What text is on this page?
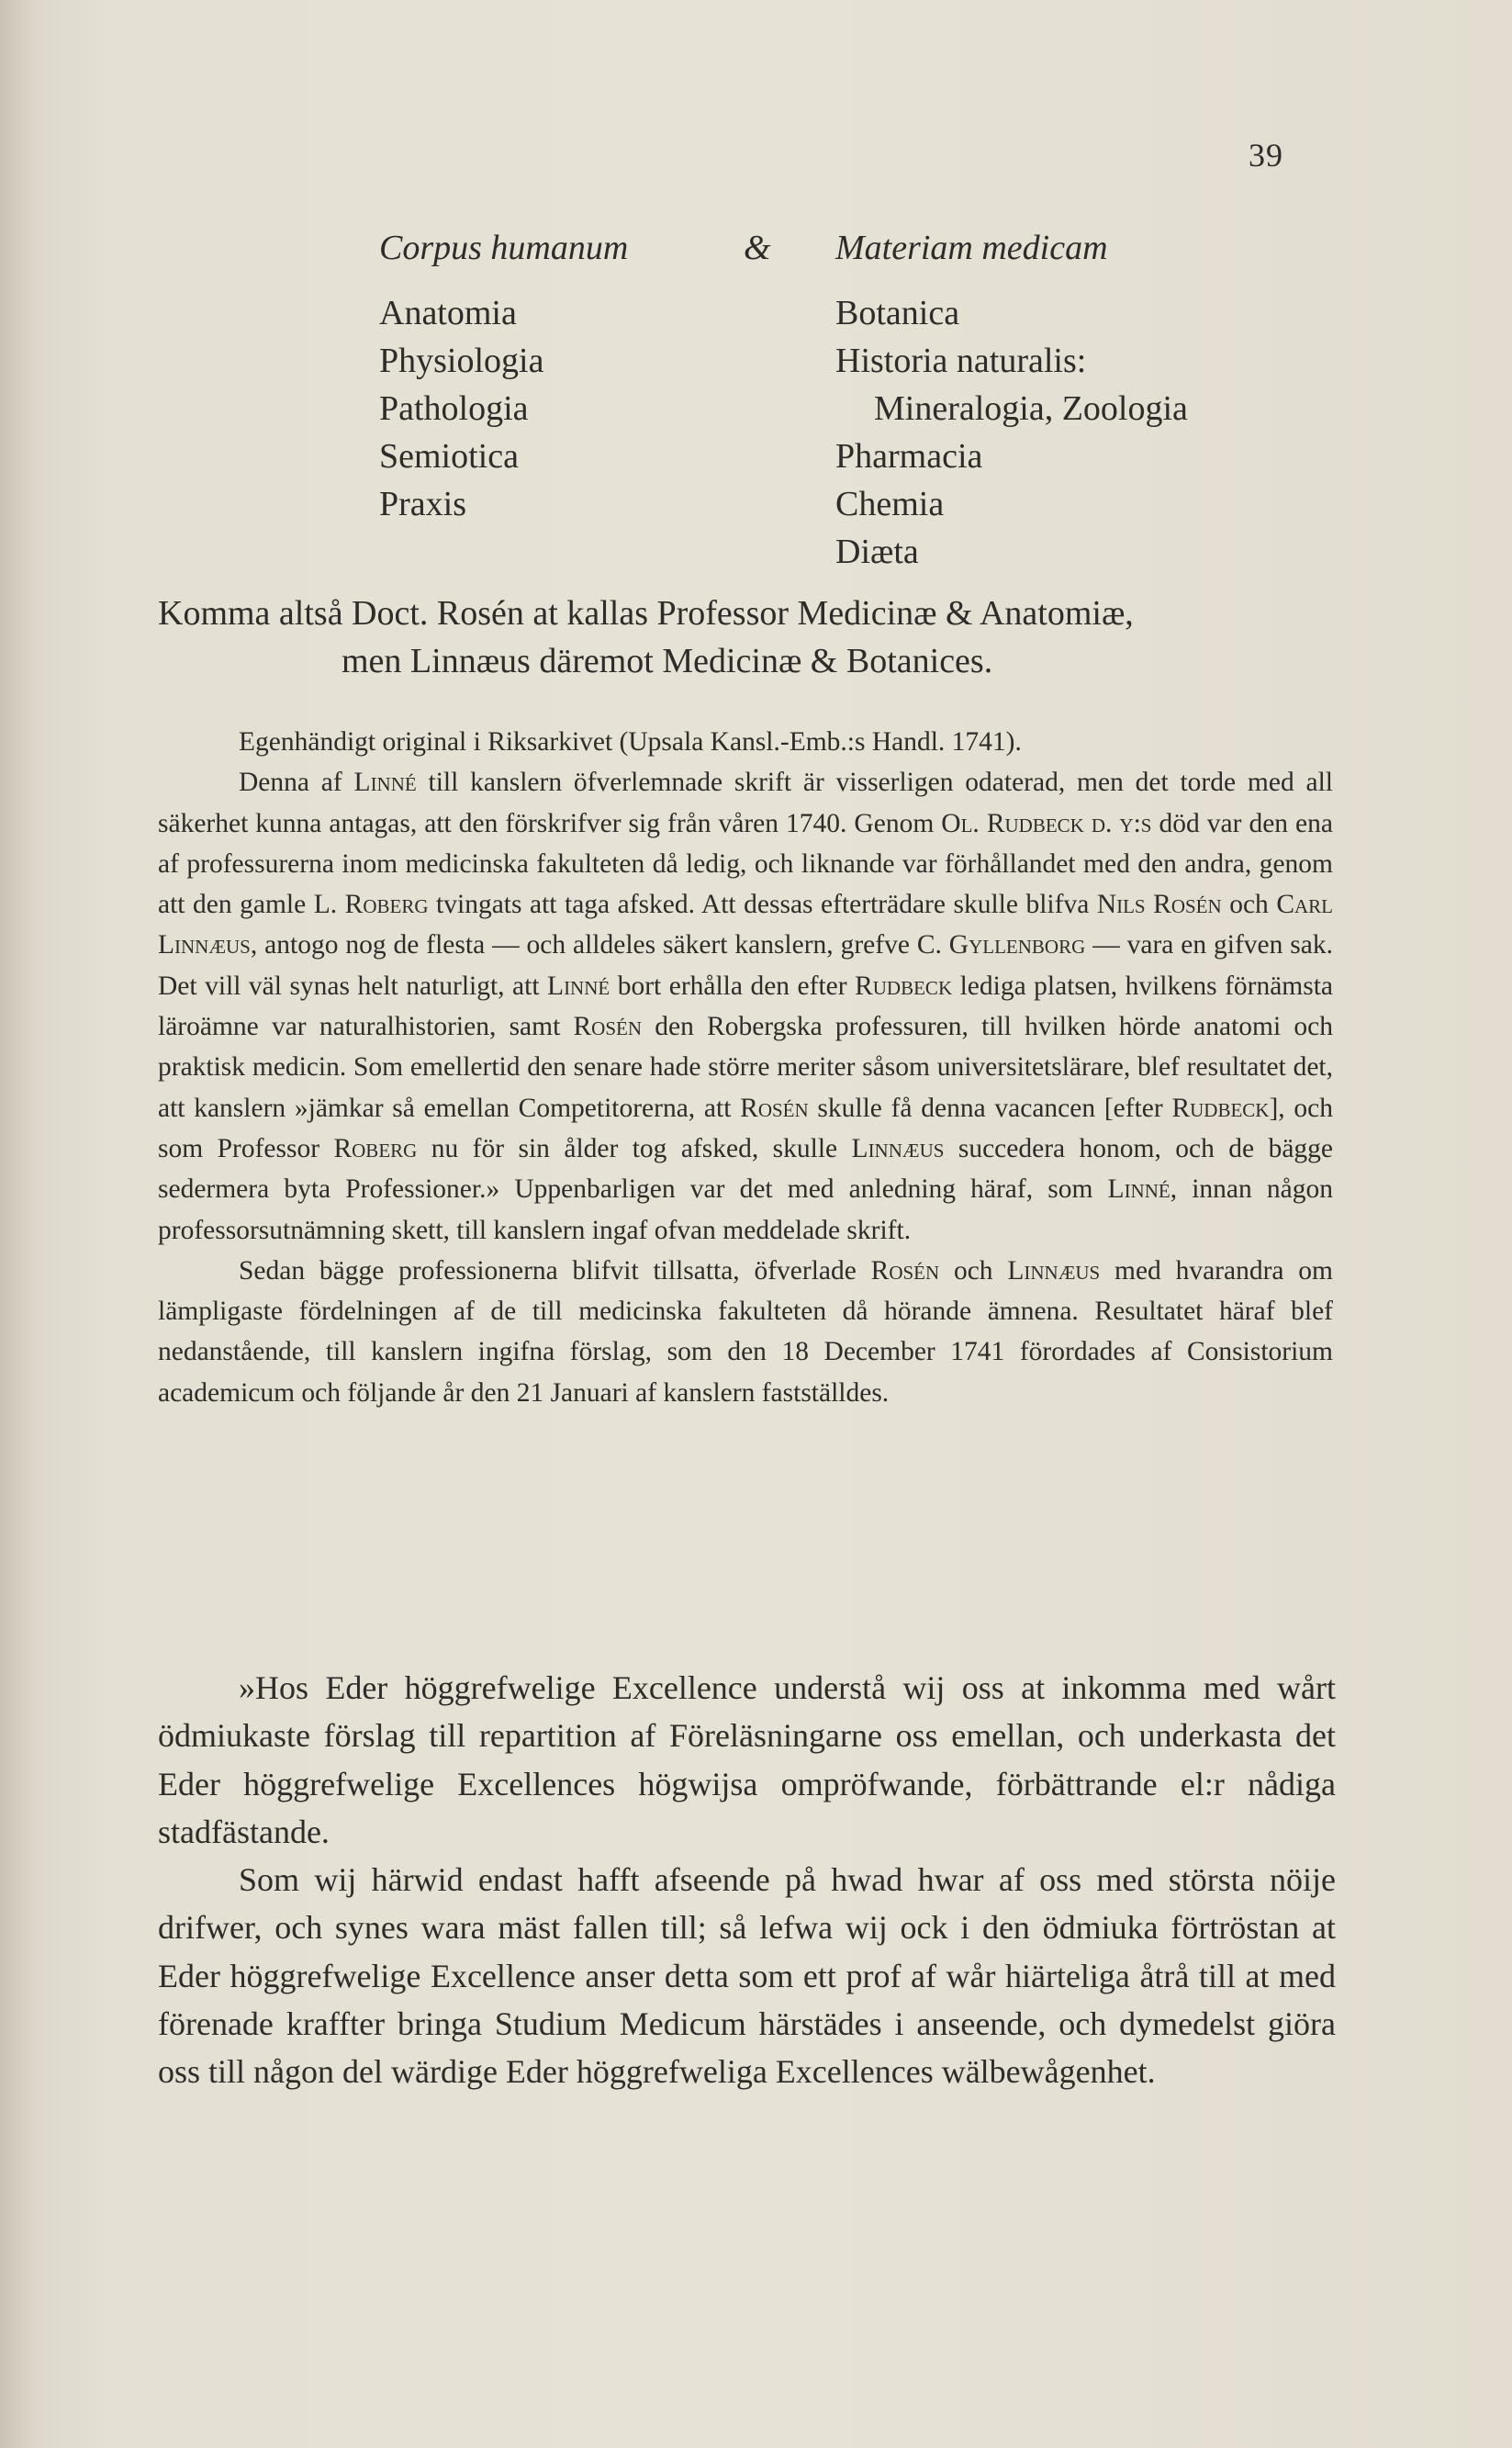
39
Corpus humanum	& Materiam medicam
Anatomia
Physiologia
Pathologia
Semiotica
Praxis
Botanica
Historia naturalis:
Mineralogia, Zoologia
Pharmacia
Chemia
Diæta
Komma altså Doct. Rosén at kallas Professor Medicinæ & Anatomiæ,
men Linnæus däremot Medicinæ & Botanices.

Egenhändigt original i Riksarkivet (Upsala Kansl.-Emb.:s Handl. 1741).

Denna af Linné till kanslern öfverlemnade skrift är visserligen odaterad, men det torde med all säkerhet kunna antagas, att den förskrifver sig från våren 1740. Genom Ol. Rudbeck d. y:s död var den ena af professurerna inom medicinska fakulteten då ledig, och liknande var förhållandet med den andra, genom att den gamle L. Roberg tvingats att taga afsked. Att dessas efterträdare skulle blifva Nils Rosén och Carl Linnæus, antogo nog de flesta — och alldeles säkert kanslern, grefve C. Gyllenborg — vara en gifven sak. Det vill väl synas helt naturligt, att Linné bort erhålla den efter Rudbeck lediga platsen, hvilkens förnämsta läroämne var naturalhistorien, samt Rosén den Robergska professuren, till hvilken hörde anatomi och praktisk medicin. Som emellertid den senare hade större meriter såsom universitetslärare, blef resultatet det, att kanslern »jämkar så emellan Competitorerna, att Rosén skulle få denna vacancen [efter Rudbeck], och som Professor Roberg nu för sin ålder tog afsked, skulle Linnæus succedera honom, och de bägge sedermera byta Professioner.» Uppenbarligen var det med anledning häraf, som Linné, innan någon professorsutnämning skett, till kanslern ingaf ofvan meddelade skrift.

Sedan bägge professionerna blifvit tillsatta, öfverlade Rosén och Linnæus med hvarandra om lämpligaste fördelningen af de till medicinska fakulteten då hörande ämnena. Resultatet häraf blef nedanstående, till kanslern ingifna förslag, som den 18 December 1741 förordades af Consistorium academicum och följande år den 21 Januari af kanslern fastställdes.

»Hos Eder höggrefwelige Excellence understå wij oss at inkomma med wårt ödmiukaste förslag till repartition af Föreläsningarne oss emellan, och underkasta det Eder höggrefwelige Excellences högwijsa ompröfwande, förbättrande el:r nådiga stadfästande.

Som wij härwid endast hafft afseende på hwad hwar af oss med största nöije drifwer, och synes wara mäst fallen till; så lefwa wij ock i den ödmiuka förtröstan at Eder höggrefwelige Excellence anser detta som ett prof af wår hiärteliga åtrå till at med förenade kraffter bringa Studium Medicum härstädes i anseende, och dymedelst giöra oss till någon del wärdige Eder höggrefweliga Excellences wälbewågenhet.
